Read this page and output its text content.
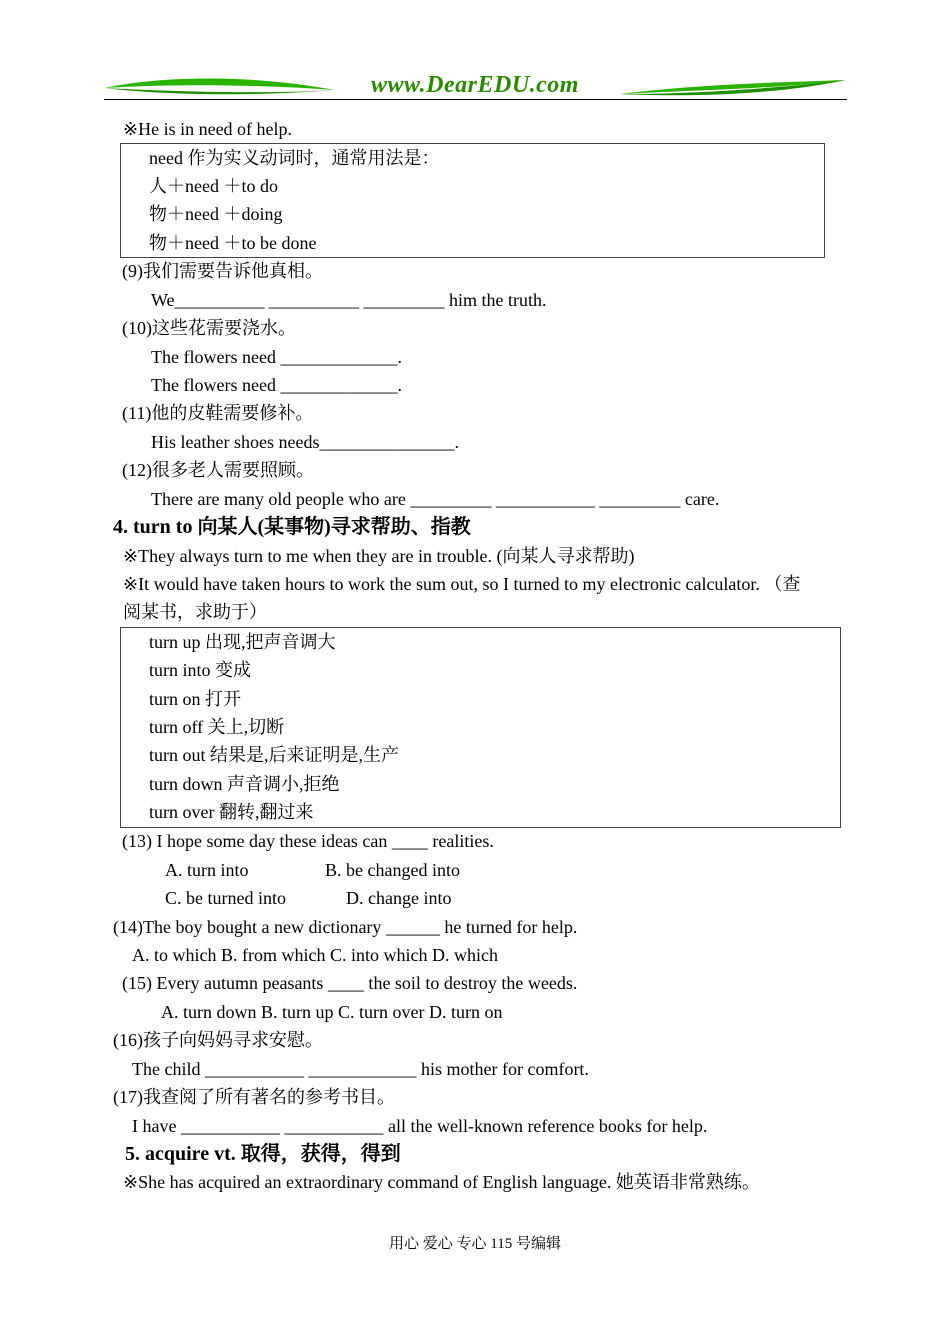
www.DearEDU.com
※He is in need of help.
need 作为实义动词时，通常用法是：
人＋need ＋to do
物＋need ＋doing
物＋need ＋to be done
(9)我们需要告诉他真相。
We__________ __________ _________ him the truth.
(10)这些花需要浇水。
The flowers need _____________.
The flowers need _____________.
(11)他的皮鞋需要修补。
His leather shoes needs_______________.
(12)很多老人需要照顾。
There are many old people who are _________ ___________ _________ care.
4. turn to 向某人(某事物)寻求帮助、指教
※They always turn to me when they are in trouble. (向某人寻求帮助)
※It would have taken hours to work the sum out, so I turned to my electronic calculator. （查
阅某书，求助于）
turn up 出现,把声音调大
turn into 变成
turn on 打开
turn off 关上,切断
turn out 结果是,后来证明是,生产
turn down 声音调小,拒绝
turn over 翻转,翻过来
(13) I hope some day these ideas can ____ realities.
A. turn into	B. be changed into
C. be turned into	D. change into
(14)The boy bought a new dictionary ______ he turned for help.
A. to which B. from which C. into which D. which
(15) Every autumn peasants ____ the soil to destroy the weeds.
A. turn down B. turn up C. turn over D. turn on
(16)孩子向妈妈寻求安慰。
The child ___________ ____________ his mother for comfort.
(17)我查阅了所有著名的参考书目。
I have ___________ ___________ all the well-known reference books for help.
5. acquire vt. 取得，获得，得到
※She has acquired an extraordinary command of English language. 她英语非常熟练。
用心 爱心 专心 115 号编辑
